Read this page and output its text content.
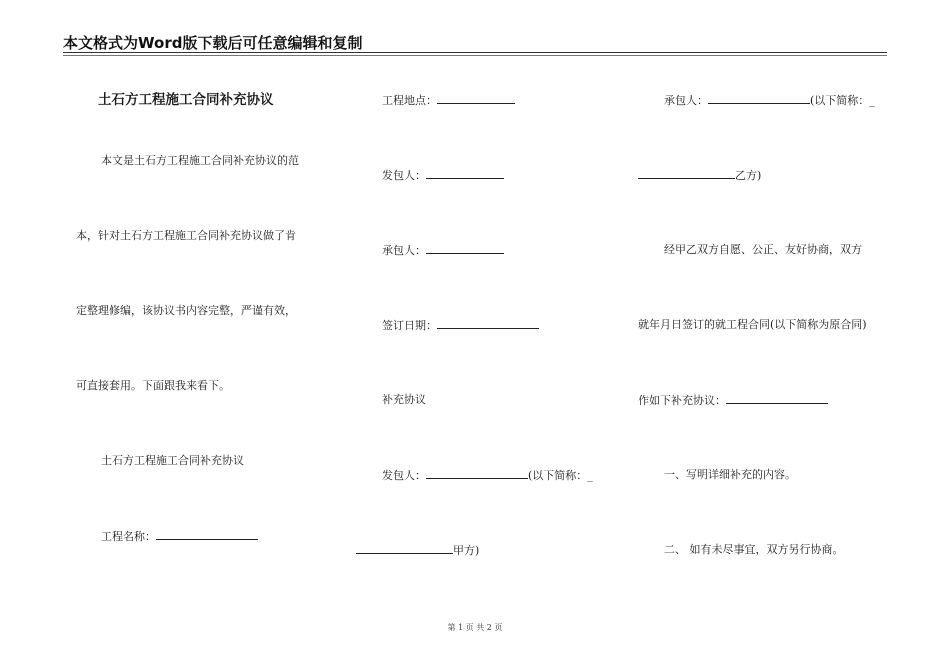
本文格式为Word版下载后可任意编辑和复制
土石方工程施工合同补充协议
本文是土石方工程施工合同补充协议的范
本，针对土石方工程施工合同补充协议做了肯
定整理修编，该协议书内容完整，严谨有效，
可直接套用。下面跟我来看下。
土石方工程施工合同补充协议
工程名称：
工程地点：
发包人：
承包人：
签订日期：
补充协议
发包人：	(以下简称：_
甲方)
承包人：	(以下简称：_
乙方)
经甲乙双方自愿、公正、友好协商，双方
就年月日签订的就工程合同(以下简称为原合同)
作如下补充协议：
一、写明详细补充的内容。
二、 如有未尽事宜，双方另行协商。
第 1 页 共 2 页
